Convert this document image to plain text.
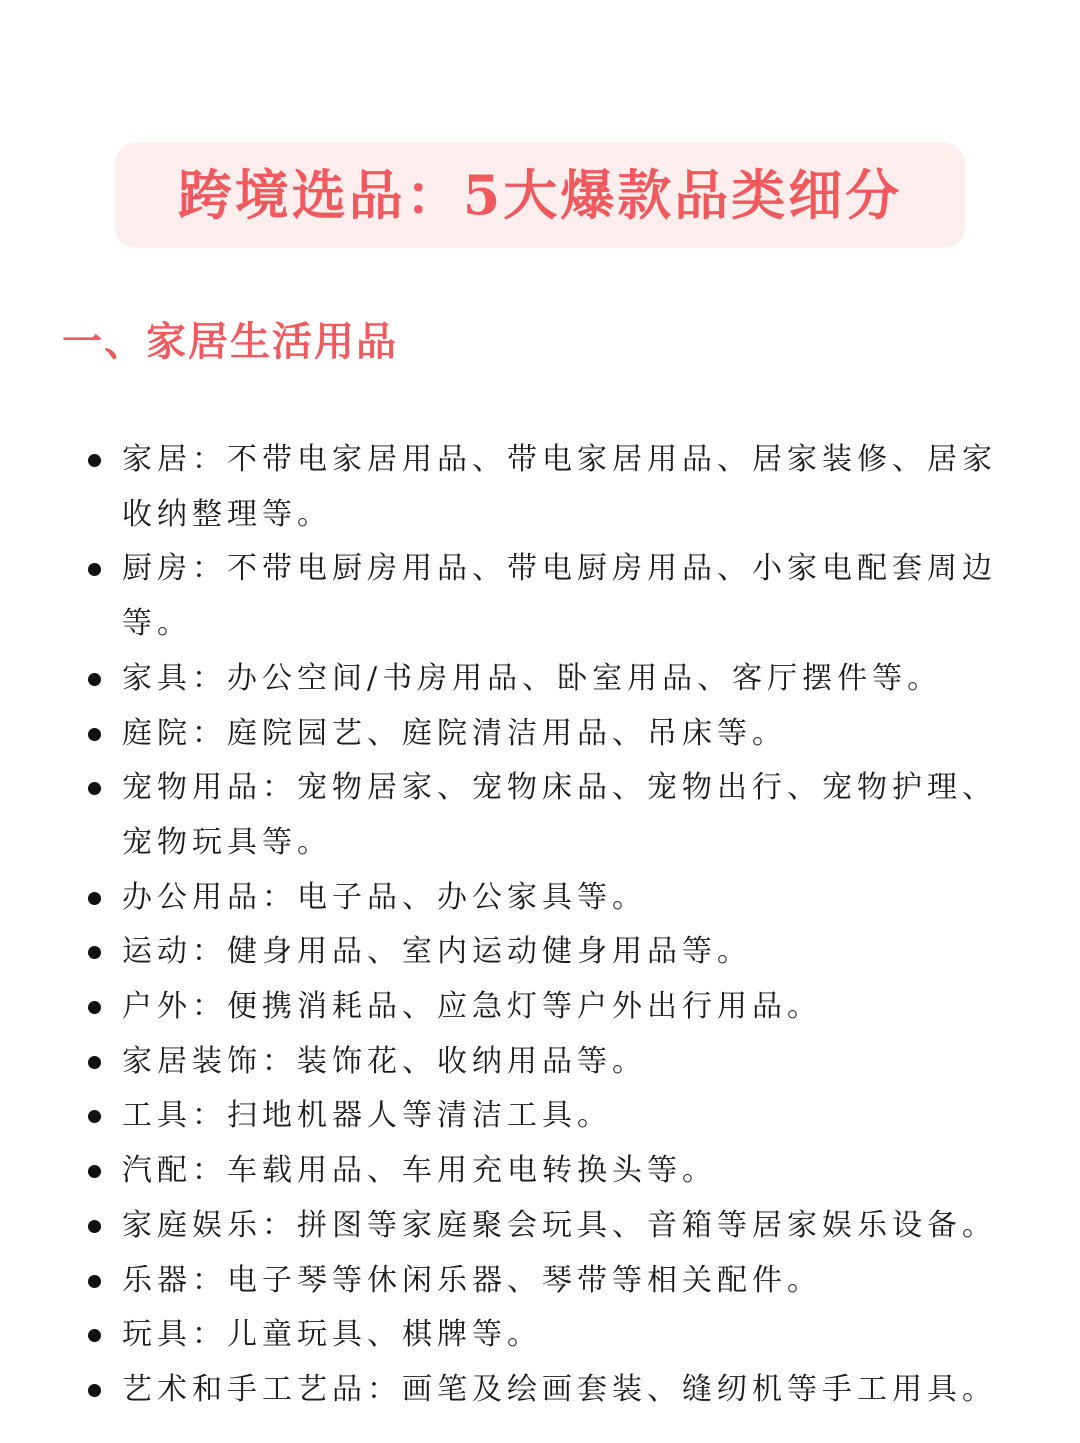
跨境选品：5大爆款品类细分
一、家居生活用品
家居：不带电家居用品、带电家居用品、居家装修、居家收纳整理等。
厨房：不带电厨房用品、带电厨房用品、小家电配套周边等。
家具：办公空间/书房用品、卧室用品、客厅摆件等。
庭院：庭院园艺、庭院清洁用品、吊床等。
宠物用品：宠物居家、宠物床品、宠物出行、宠物护理、宠物玩具等。
办公用品：电子品、办公家具等。
运动：健身用品、室内运动健身用品等。
户外：便携消耗品、应急灯等户外出行用品。
家居装饰：装饰花、收纳用品等。
工具：扫地机器人等清洁工具。
汽配：车载用品、车用充电转换头等。
家庭娱乐：拼图等家庭聚会玩具、音箱等居家娱乐设备。
乐器：电子琴等休闲乐器、琴带等相关配件。
玩具：儿童玩具、棋牌等。
艺术和手工艺品：画笔及绘画套装、缝纫机等手工用具。
